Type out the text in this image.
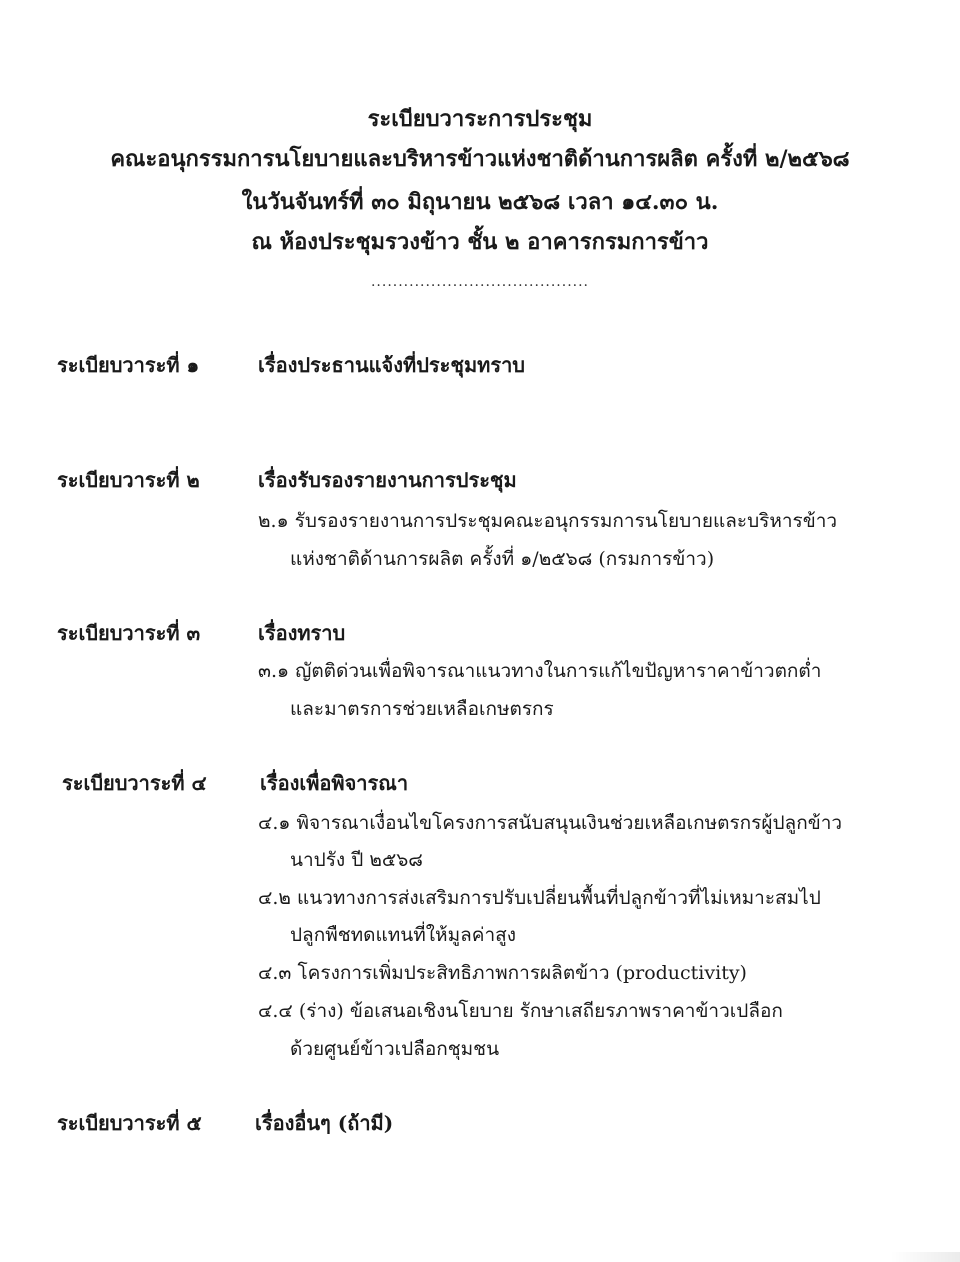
ระเบียบวาระการประชุม
คณะอนุกรรมการนโยบายและบริหารข้าวแห่งชาติด้านการผลิต ครั้งที่ ๒/๒๕๖๘
ในวันจันทร์ที่ ๓๐ มิถุนายน ๒๕๖๘ เวลา ๑๔.๓๐ น.
ณ ห้องประชุมรวงข้าว ชั้น ๒ อาคารกรมการข้าว
........................................
ระเบียบวาระที่ ๑	เรื่องประธานแจ้งที่ประชุมทราบ
ระเบียบวาระที่ ๒	เรื่องรับรองรายงานการประชุม
๒.๑ รับรองรายงานการประชุมคณะอนุกรรมการนโยบายและบริหารข้าว
แห่งชาติด้านการผลิต ครั้งที่ ๑/๒๕๖๘ (กรมการข้าว)
ระเบียบวาระที่ ๓	เรื่องทราบ
๓.๑ ญัตติด่วนเพื่อพิจารณาแนวทางในการแก้ไขปัญหาราคาข้าวตกต่ำ
และมาตรการช่วยเหลือเกษตรกร
ระเบียบวาระที่ ๔	เรื่องเพื่อพิจารณา
๔.๑ พิจารณาเงื่อนไขโครงการสนับสนุนเงินช่วยเหลือเกษตรกรผู้ปลูกข้าว
นาปรัง ปี ๒๕๖๘
๔.๒ แนวทางการส่งเสริมการปรับเปลี่ยนพื้นที่ปลูกข้าวที่ไม่เหมาะสมไป
ปลูกพืชทดแทนที่ให้มูลค่าสูง
๔.๓ โครงการเพิ่มประสิทธิภาพการผลิตข้าว (productivity)
๔.๔ (ร่าง) ข้อเสนอเชิงนโยบาย รักษาเสถียรภาพราคาข้าวเปลือก
ด้วยศูนย์ข้าวเปลือกชุมชน
ระเบียบวาระที่ ๕	เรื่องอื่นๆ (ถ้ามี)
